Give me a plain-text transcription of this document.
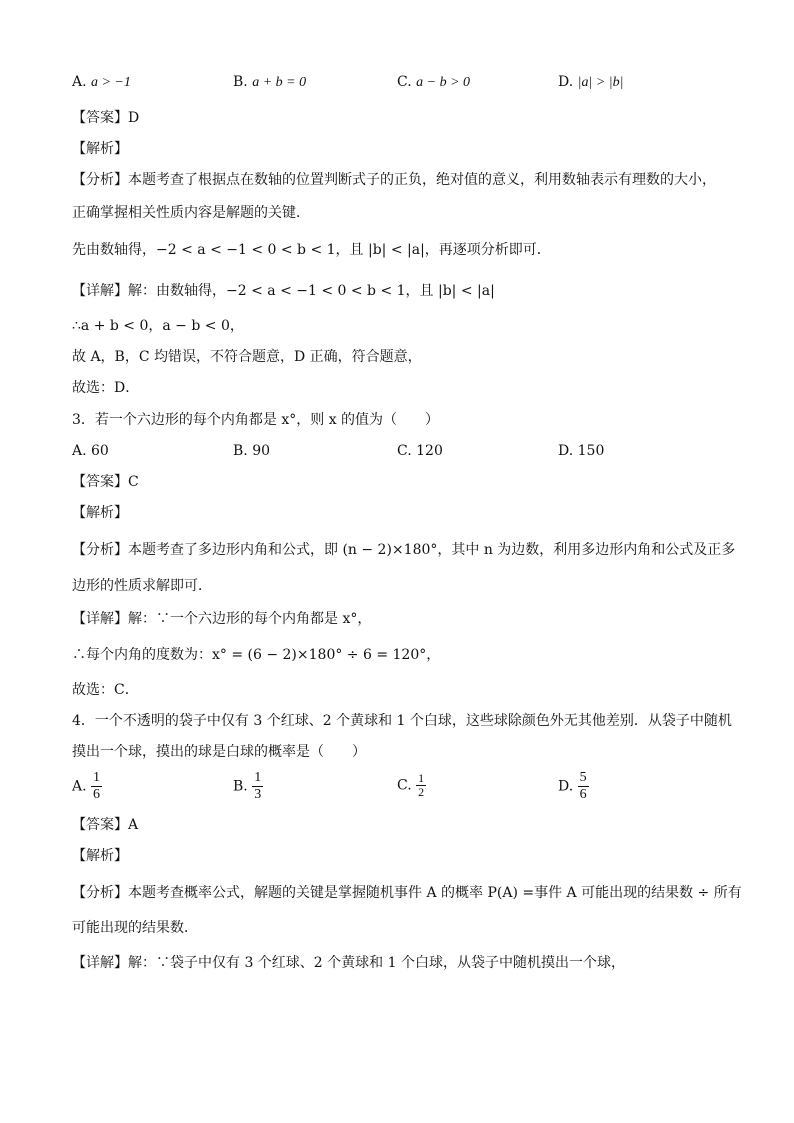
A. a > −1	B. a + b = 0	C. a − b > 0	D. |a| > |b|
【答案】D
【解析】
【分析】本题考查了根据点在数轴的位置判断式子的正负，绝对值的意义，利用数轴表示有理数的大小，
正确掌握相关性质内容是解题的关键．
先由数轴得，−2 < a < −1 < 0 < b < 1，且 |b| < |a|，再逐项分析即可．
【详解】解：由数轴得，−2 < a < −1 < 0 < b < 1，且 |b| < |a|
∴a + b < 0，a − b < 0，
故 A，B，C 均错误，不符合题意，D 正确，符合题意，
故选：D．
3．若一个六边形的每个内角都是 x°，则 x 的值为（　　）
A. 60	B. 90	C. 120	D. 150
【答案】C
【解析】
【分析】本题考查了多边形内角和公式，即 (n − 2)×180°，其中 n 为边数，利用多边形内角和公式及正多
边形的性质求解即可．
【详解】解：∵一个六边形的每个内角都是 x°，
∴每个内角的度数为：x° = (6 − 2)×180° ÷ 6 = 120°，
故选：C．
4．一个不透明的袋子中仅有 3 个红球、2 个黄球和 1 个白球，这些球除颜色外无其他差别．从袋子中随机
摸出一个球，摸出的球是白球的概率是（　　）
A. $\frac{1}{6}$	B. $\frac{1}{3}$	C. $\frac{1}{2}$	D. $\frac{5}{6}$
【答案】A
【解析】
【分析】本题考查概率公式，解题的关键是掌握随机事件 A 的概率 P(A) =事件 A 可能出现的结果数 ÷ 所有
可能出现的结果数．
【详解】解：∵袋子中仅有 3 个红球、2 个黄球和 1 个白球，从袋子中随机摸出一个球，
